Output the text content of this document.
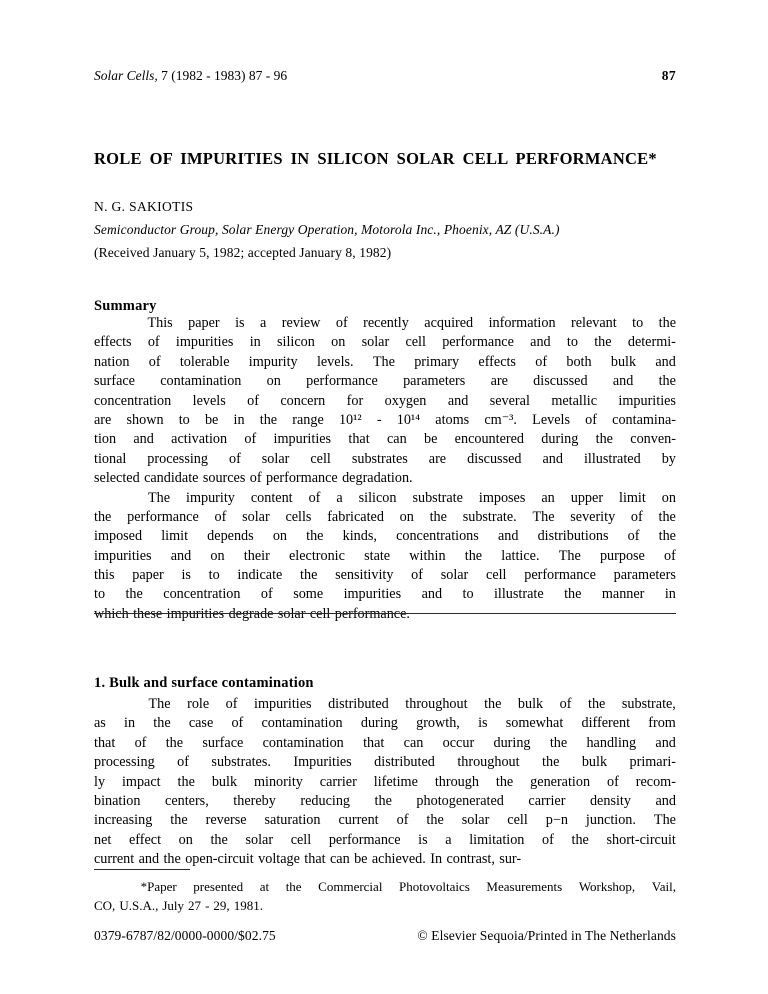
Solar Cells, 7 (1982 - 1983) 87 - 96	87
ROLE OF IMPURITIES IN SILICON SOLAR CELL PERFORMANCE*
N. G. SAKIOTIS
Semiconductor Group, Solar Energy Operation, Motorola Inc., Phoenix, AZ (U.S.A.)
(Received January 5, 1982; accepted January 8, 1982)
Summary
This paper is a review of recently acquired information relevant to the
effects of impurities in silicon on solar cell performance and to the determi-
nation of tolerable impurity levels. The primary effects of both bulk and
surface contamination on performance parameters are discussed and the
concentration levels of concern for oxygen and several metallic impurities
are shown to be in the range 10¹² - 10¹⁴ atoms cm⁻³. Levels of contamina-
tion and activation of impurities that can be encountered during the conven-
tional processing of solar cell substrates are discussed and illustrated by
selected candidate sources of performance degradation.
The impurity content of a silicon substrate imposes an upper limit on
the performance of solar cells fabricated on the substrate. The severity of the
imposed limit depends on the kinds, concentrations and distributions of the
impurities and on their electronic state within the lattice. The purpose of
this paper is to indicate the sensitivity of solar cell performance parameters
to the concentration of some impurities and to illustrate the manner in
which these impurities degrade solar cell performance.
1. Bulk and surface contamination
The role of impurities distributed throughout the bulk of the substrate,
as in the case of contamination during growth, is somewhat different from
that of the surface contamination that can occur during the handling and
processing of substrates. Impurities distributed throughout the bulk primari-
ly impact the bulk minority carrier lifetime through the generation of recom-
bination centers, thereby reducing the photogenerated carrier density and
increasing the reverse saturation current of the solar cell p−n junction. The
net effect on the solar cell performance is a limitation of the short-circuit
current and the open-circuit voltage that can be achieved. In contrast, sur-
*Paper presented at the Commercial Photovoltaics Measurements Workshop, Vail,
CO, U.S.A., July 27 - 29, 1981.
0379-6787/82/0000-0000/$02.75	© Elsevier Sequoia/Printed in The Netherlands
